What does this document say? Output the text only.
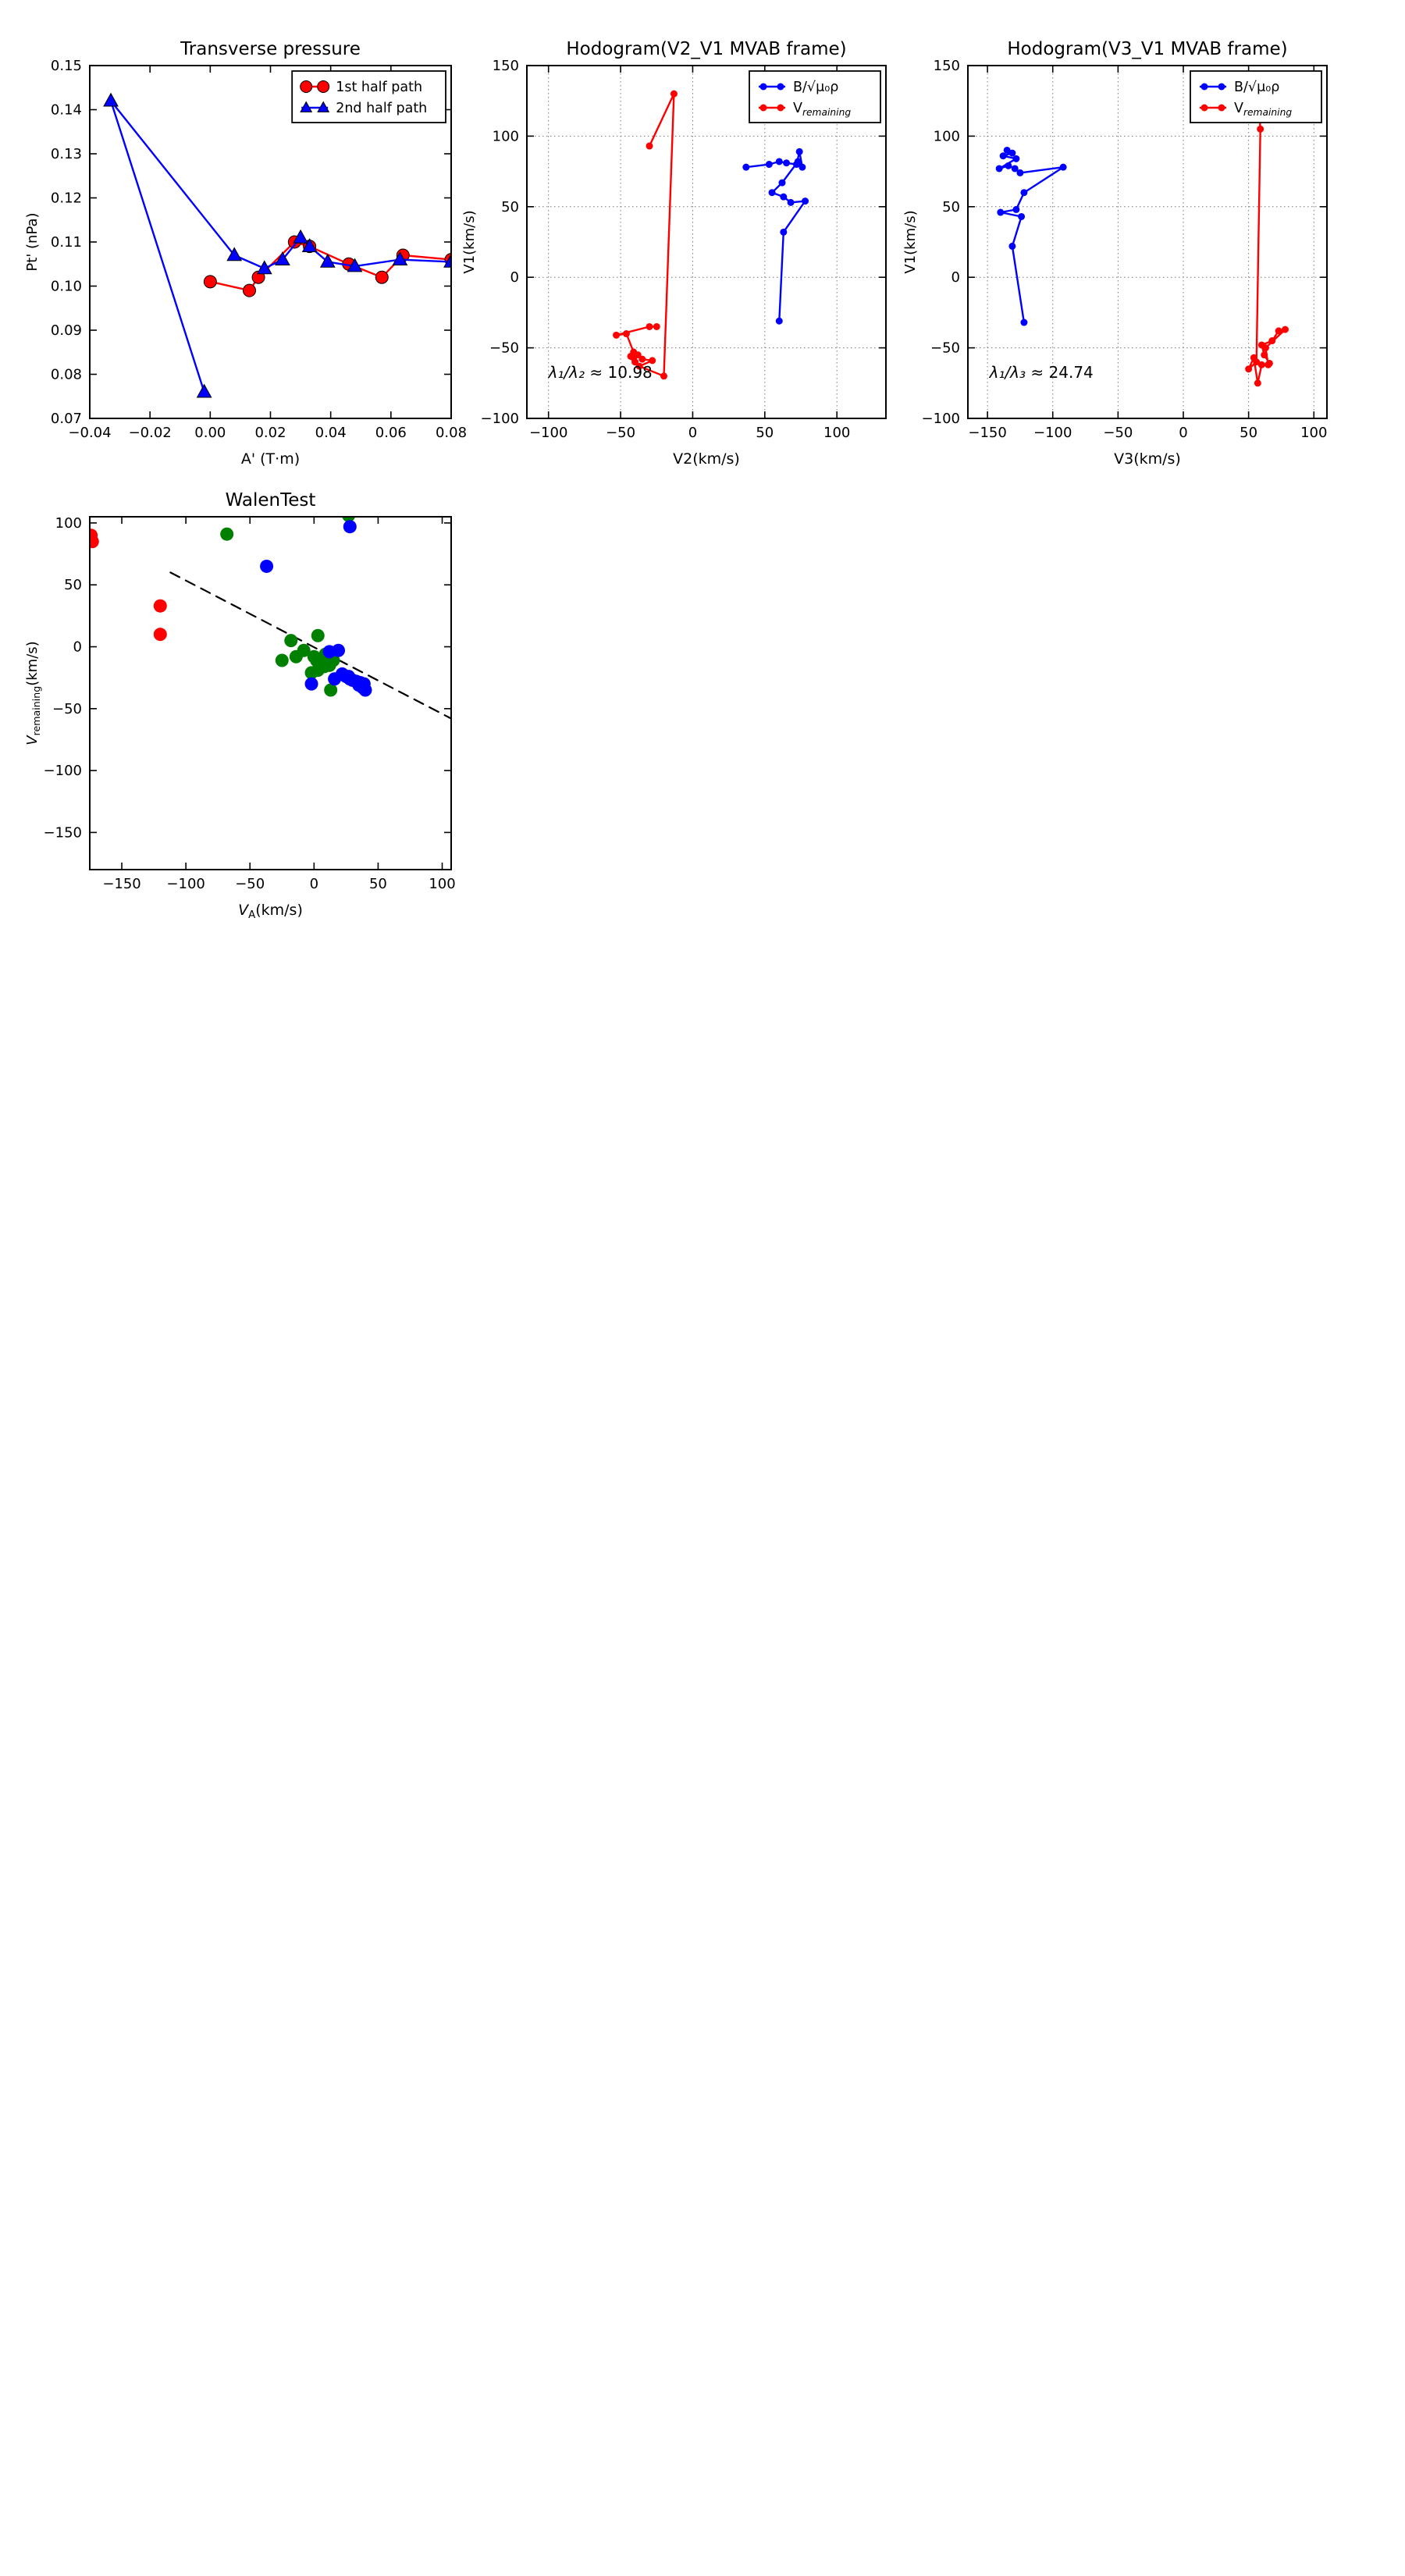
−0.04 −0.02 0.00 0.02 0.04 0.06 0.08
0.07
0.08
0.09
0.10
0.11
0.12
0.13
0.14
0.15
Transverse pressure
A' (T·m)
Pt' (nPa)
1st half path
2nd half path
−100	−50	0	50	100
−100
−50
0
50
100
150
Hodogram(V2_V1 MVAB frame)
V2(km/s)
V1(km/s)
B/√μ₀ρ
$V_{remaining}$
λ₁/λ₂ ≈ 10.98
−150 −100 −50	0	50	100
−100
−50
0
50
100
150
Hodogram(V3_V1 MVAB frame)
V3(km/s)
V1(km/s)
B/√μ₀ρ
$V_{remaining}$
λ₁/λ₃ ≈ 24.74
−150 −100 −50	0	50	100
−150
−100
−50
0
50
100
WalenTest
$V_A(km/s)$
$V_{remaining}(km/s)$
